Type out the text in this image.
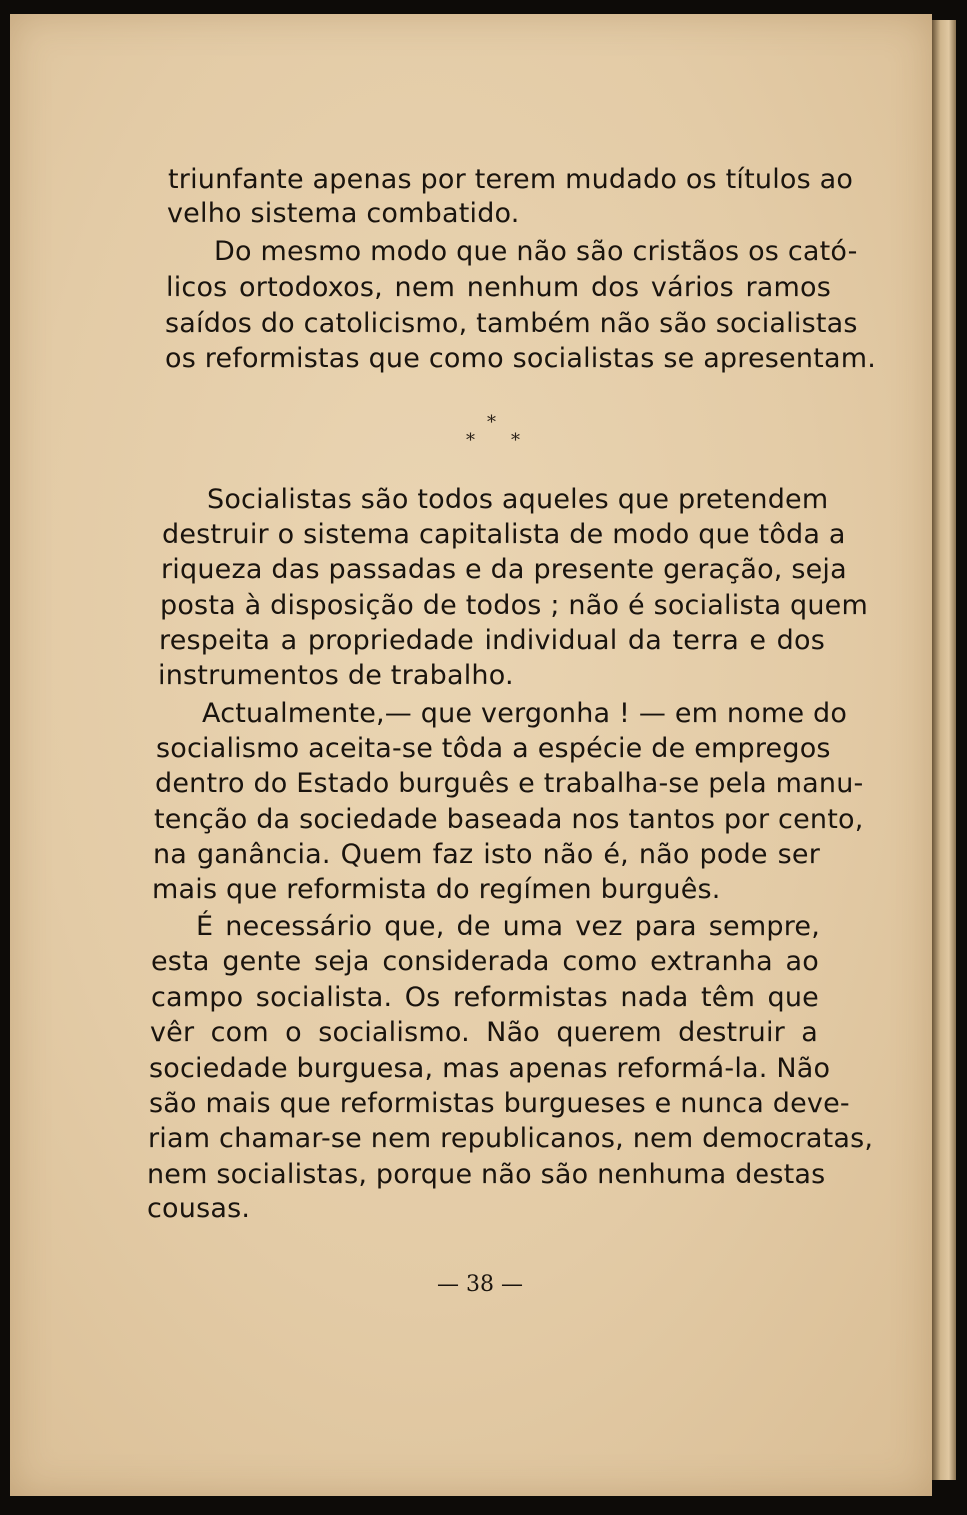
triunfante apenas por terem mudado os títulos ao

velho sistema combatido.

Do mesmo modo que não são cristãos os cató-

licos ortodoxos, nem nenhum dos vários ramos

saídos do catolicismo, também não são socialistas

os reformistas que como socialistas se apresentam.

*
* *

Socialistas são todos aqueles que pretendem

destruir o sistema capitalista de modo que tôda a

riqueza das passadas e da presente geração, seja

posta à disposição de todos ; não é socialista quem

respeita a propriedade individual da terra e dos

instrumentos de trabalho.

Actualmente,— que vergonha ! — em nome do

socialismo aceita-se tôda a espécie de empregos

dentro do Estado burguês e trabalha-se pela manu-

tenção da sociedade baseada nos tantos por cento,

na ganância. Quem faz isto não é, não pode ser

mais que reformista do regímen burguês.

É necessário que, de uma vez para sempre,

esta gente seja considerada como extranha ao

campo socialista. Os reformistas nada têm que

vêr com o socialismo. Não querem destruir a

sociedade burguesa, mas apenas reformá-la. Não

são mais que reformistas burgueses e nunca deve-

riam chamar-se nem republicanos, nem democratas,

nem socialistas, porque não são nenhuma destas

cousas.

— 38 —
